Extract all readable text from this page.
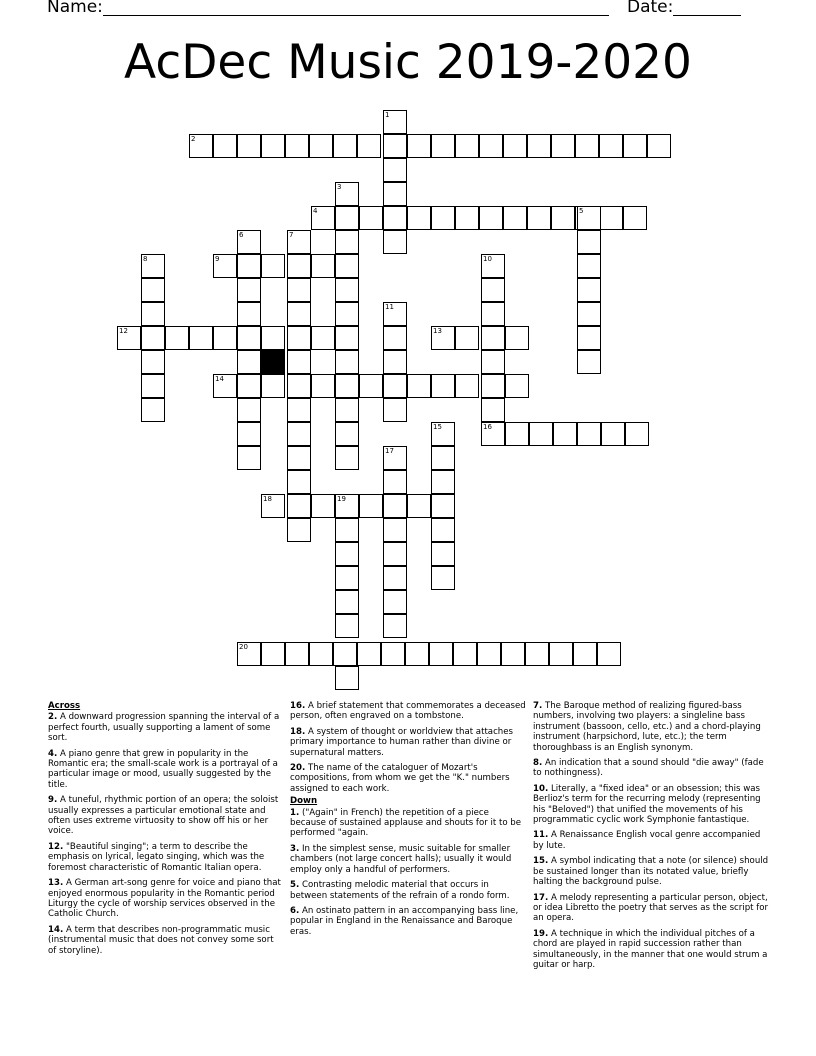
Name:	Date:
AcDec Music 2019-2020
1
2
3
4
6	7
8	9	10
16
11
12	13
14
15
17
18	19
20
5
Across
2. A downward progression spanning the interval of a perfect fourth, usually supporting a lament of some sort.
4. A piano genre that grew in popularity in the Romantic era; the small-scale work is a portrayal of a particular image or mood, usually suggested by the title.
9. A tuneful, rhythmic portion of an opera; the soloist usually expresses a particular emotional state and often uses extreme virtuosity to show off his or her voice.
12. "Beautiful singing"; a term to describe the emphasis on lyrical, legato singing, which was the foremost characteristic of Romantic Italian opera.
13. A German art-song genre for voice and piano that enjoyed enormous popularity in the Romantic period Liturgy the cycle of worship services observed in the Catholic Church.
14. A term that describes non-programmatic music (instrumental music that does not convey some sort of storyline).
16. A brief statement that commemorates a deceased person, often engraved on a tombstone.
18. A system of thought or worldview that attaches primary importance to human rather than divine or supernatural matters.
20. The name of the cataloguer of Mozart's compositions, from whom we get the "K." numbers assigned to each work.
Down
1. ("Again" in French) the repetition of a piece because of sustained applause and shouts for it to be performed "again.
3. In the simplest sense, music suitable for smaller chambers (not large concert halls); usually it would employ only a handful of performers.
5. Contrasting melodic material that occurs in between statements of the refrain of a rondo form.
6. An ostinato pattern in an accompanying bass line, popular in England in the Renaissance and Baroque eras.
7. The Baroque method of realizing figured-bass numbers, involving two players: a singleline bass instrument (bassoon, cello, etc.) and a chord-playing instrument (harpsichord, lute, etc.); the term thoroughbass is an English synonym.
8. An indication that a sound should "die away" (fade to nothingness).
10. Literally, a "fixed idea" or an obsession; this was Berlioz's term for the recurring melody (representing his "Beloved") that unified the movements of his programmatic cyclic work Symphonie fantastique.
11. A Renaissance English vocal genre accompanied by lute.
15. A symbol indicating that a note (or silence) should be sustained longer than its notated value, briefly halting the background pulse.
17. A melody representing a particular person, object, or idea Libretto the poetry that serves as the script for an opera.
19. A technique in which the individual pitches of a chord are played in rapid succession rather than simultaneously, in the manner that one would strum a guitar or harp.
